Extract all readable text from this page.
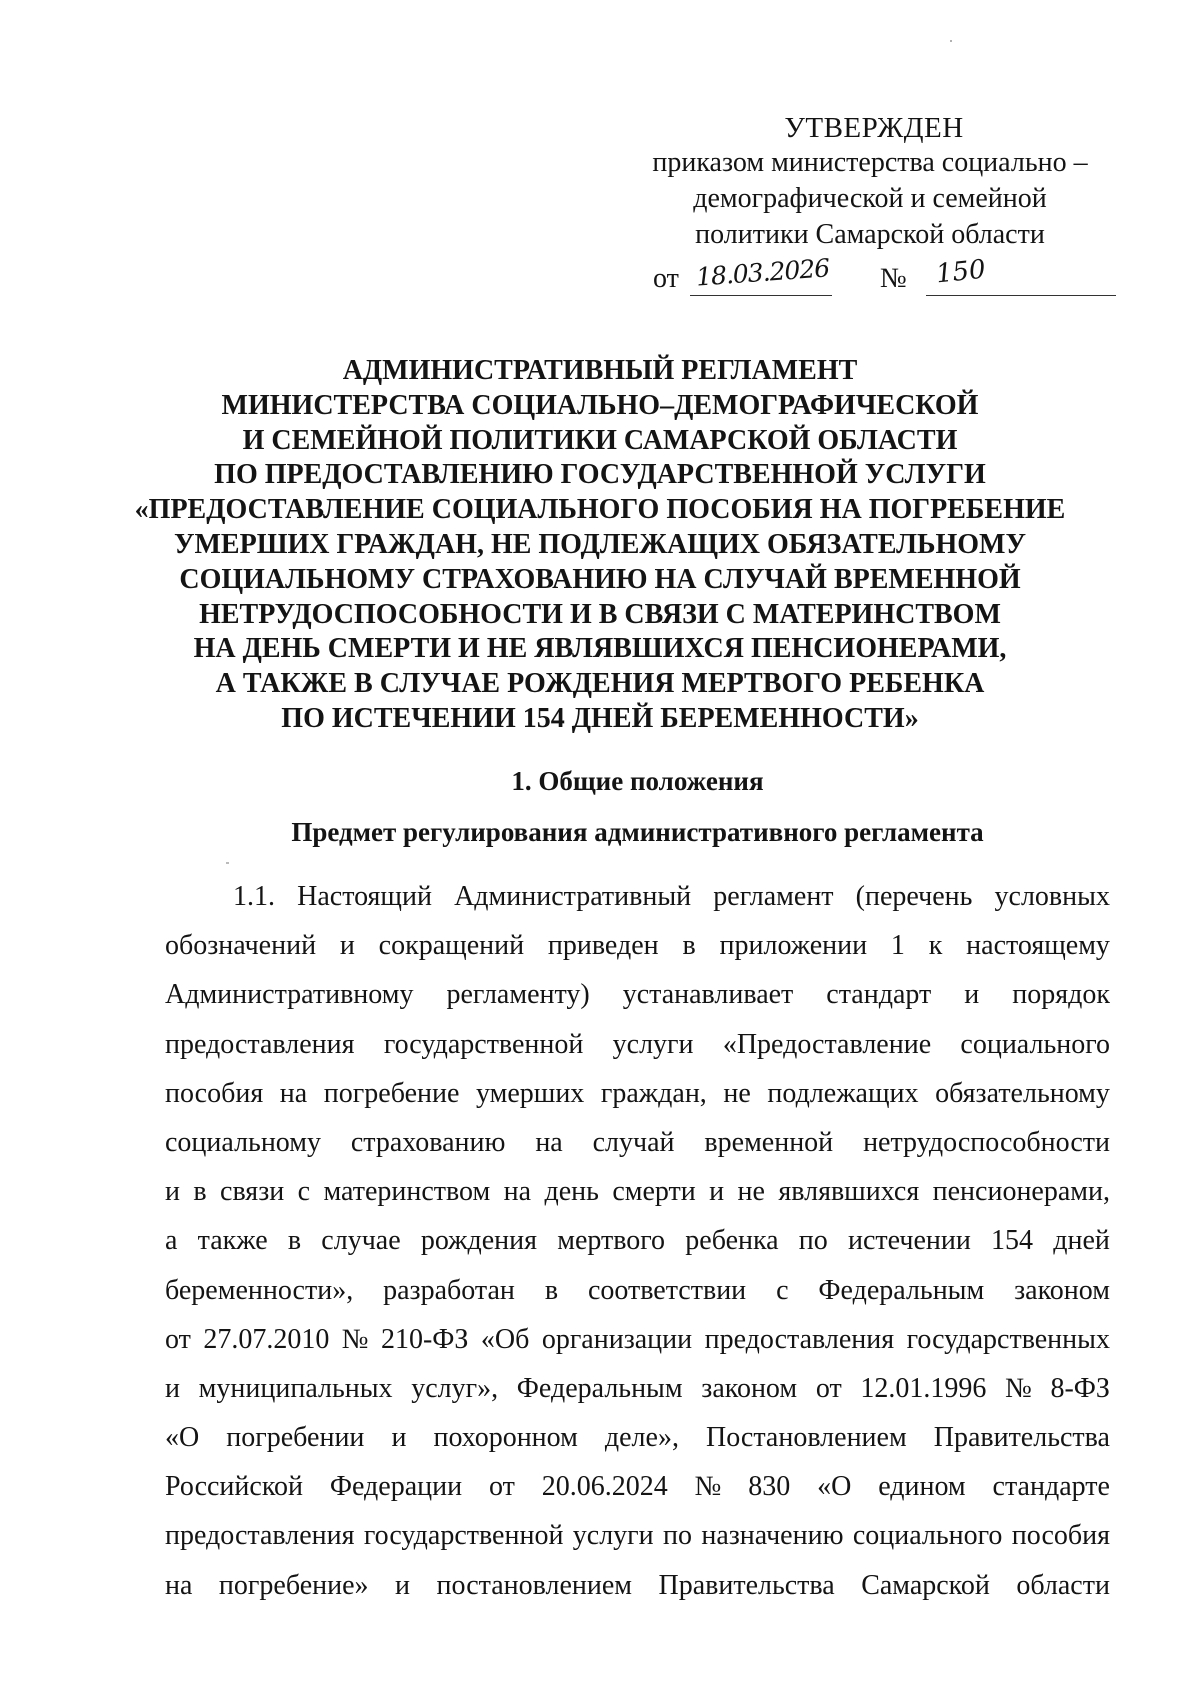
УТВЕРЖДЕН
приказом министерства социально –
демографической и семейной
политики Самарской области
от 18.03.2026 № 150
АДМИНИСТРАТИВНЫЙ РЕГЛАМЕНТ
МИНИСТЕРСТВА СОЦИАЛЬНО–ДЕМОГРАФИЧЕСКОЙ
И СЕМЕЙНОЙ ПОЛИТИКИ САМАРСКОЙ ОБЛАСТИ
ПО ПРЕДОСТАВЛЕНИЮ ГОСУДАРСТВЕННОЙ УСЛУГИ
«ПРЕДОСТАВЛЕНИЕ СОЦИАЛЬНОГО ПОСОБИЯ НА ПОГРЕБЕНИЕ
УМЕРШИХ ГРАЖДАН, НЕ ПОДЛЕЖАЩИХ ОБЯЗАТЕЛЬНОМУ
СОЦИАЛЬНОМУ СТРАХОВАНИЮ НА СЛУЧАЙ ВРЕМЕННОЙ
НЕТРУДОСПОСОБНОСТИ И В СВЯЗИ С МАТЕРИНСТВОМ
НА ДЕНЬ СМЕРТИ И НЕ ЯВЛЯВШИХСЯ ПЕНСИОНЕРАМИ,
А ТАКЖЕ В СЛУЧАЕ РОЖДЕНИЯ МЕРТВОГО РЕБЕНКА
ПО ИСТЕЧЕНИИ 154 ДНЕЙ БЕРЕМЕННОСТИ»
1. Общие положения
Предмет регулирования административного регламента
1.1. Настоящий Административный регламент (перечень условных
обозначений и сокращений приведен в приложении 1 к настоящему
Административному регламенту) устанавливает стандарт и порядок
предоставления государственной услуги «Предоставление социального
пособия на погребение умерших граждан, не подлежащих обязательному
социальному страхованию на случай временной нетрудоспособности
и в связи с материнством на день смерти и не являвшихся пенсионерами,
а также в случае рождения мертвого ребенка по истечении 154 дней
беременности», разработан в соответствии с Федеральным законом
от 27.07.2010 № 210-ФЗ «Об организации предоставления государственных
и муниципальных услуг», Федеральным законом от 12.01.1996 № 8-ФЗ
«О погребении и похоронном деле», Постановлением Правительства
Российской Федерации от 20.06.2024 № 830 «О едином стандарте
предоставления государственной услуги по назначению социального пособия
на погребение» и постановлением Правительства Самарской области
